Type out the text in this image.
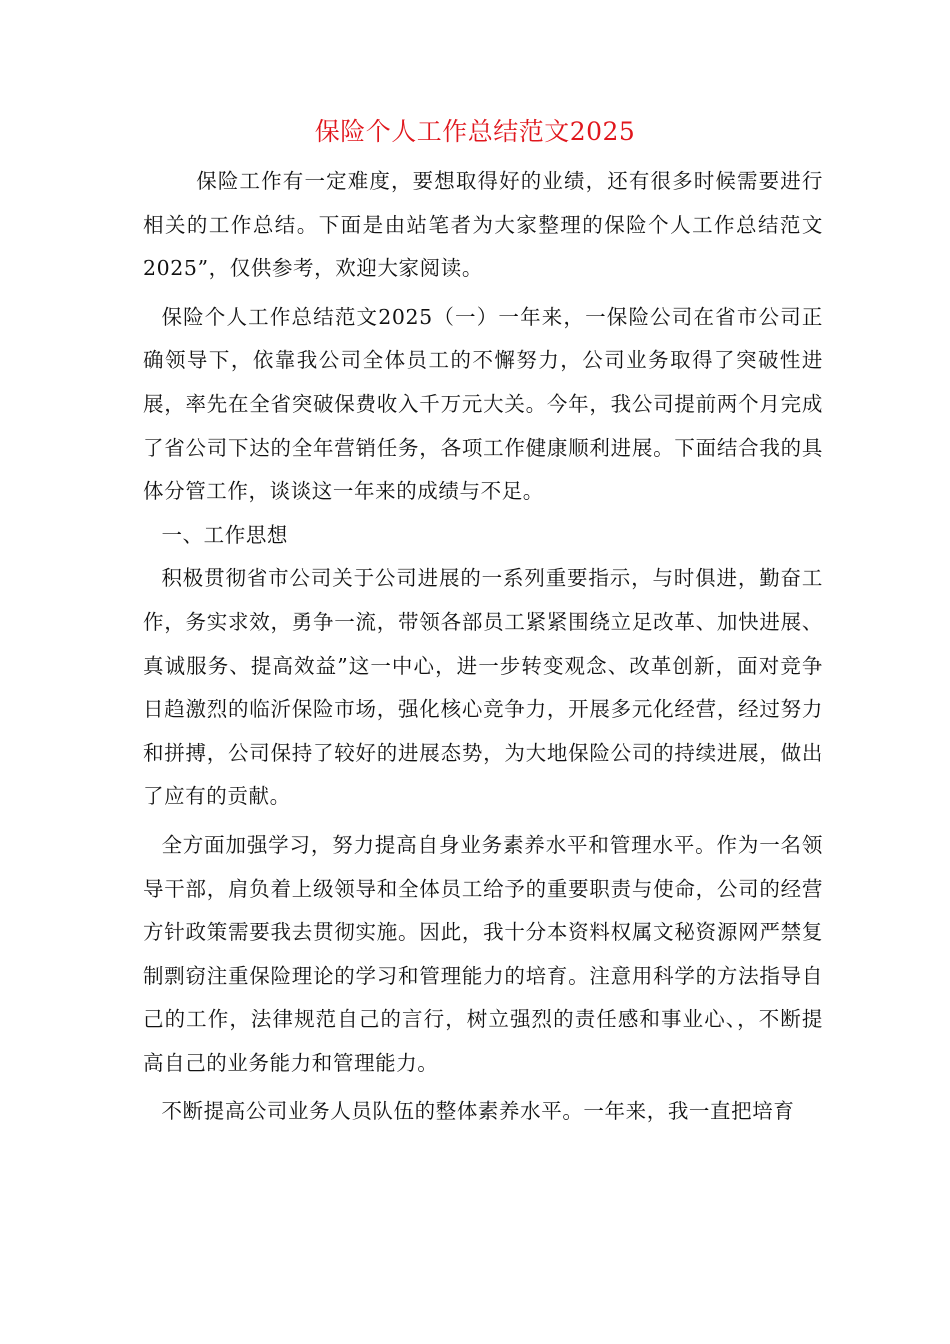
保险个人工作总结范文2025

保险工作有一定难度，要想取得好的业绩，还有很多时候需要进行相关的工作总结。下面是由站笔者为大家整理的保险个人工作总结范文2025”，仅供参考，欢迎大家阅读。

保险个人工作总结范文2025（一）一年来，一保险公司在省市公司正确领导下，依靠我公司全体员工的不懈努力，公司业务取得了突破性进展，率先在全省突破保费收入千万元大关。今年，我公司提前两个月完成了省公司下达的全年营销任务，各项工作健康顺利进展。下面结合我的具体分管工作，谈谈这一年来的成绩与不足。

一、工作思想

积极贯彻省市公司关于公司进展的一系列重要指示，与时俱进，勤奋工作，务实求效，勇争一流，带领各部员工紧紧围绕立足改革、加快进展、真诚服务、提高效益”这一中心，进一步转变观念、改革创新，面对竞争日趋激烈的临沂保险市场，强化核心竞争力，开展多元化经营，经过努力和拼搏，公司保持了较好的进展态势，为大地保险公司的持续进展，做出了应有的贡献。

全方面加强学习，努力提高自身业务素养水平和管理水平。作为一名领导干部，肩负着上级领导和全体员工给予的重要职责与使命，公司的经营方针政策需要我去贯彻实施。因此，我十分本资料权属文秘资源网严禁复制剽窃注重保险理论的学习和管理能力的培育。注意用科学的方法指导自己的工作，法律规范自己的言行，树立强烈的责任感和事业心、，不断提高自己的业务能力和管理能力。

不断提高公司业务人员队伍的整体素养水平。一年来，我一直把培育
